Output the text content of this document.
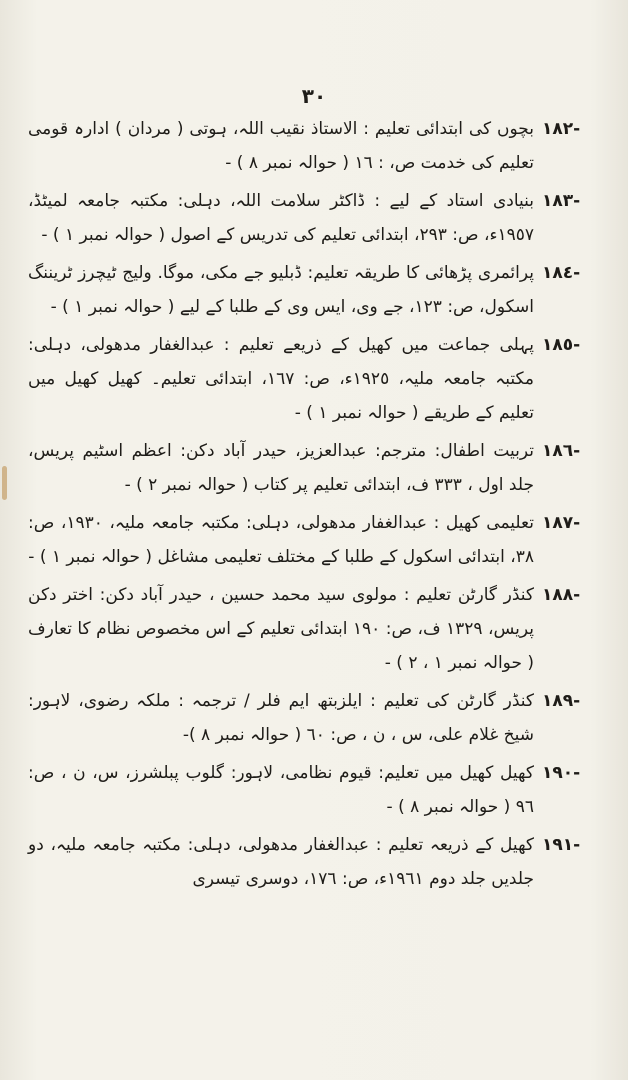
٣٠
١٨٢-
بچوں کی ابتدائی تعلیم : الاستاذ نقیب اللہ، ہوتی ( مردان ) ادارہ قومی تعلیم کی خدمت ص، : ١٦ ( حوالہ نمبر ٨ ) -
١٨٣-
بنیادی استاد کے لیے : ڈاکٹر سلامت اللہ، دہلی: مکتبہ جامعہ لمیٹڈ، ١٩٥٧ء، ص: ٢٩٣، ابتدائی تعلیم کی تدریس کے اصول ( حوالہ نمبر ١ ) -
١٨٤-
پرائمری پڑھائی کا طریقہ تعلیم: ڈبلیو جے مکی، موگا. ولیج ٹیچرز ٹریننگ اسکول، ص: ١٢٣، جے وی، ایس وی کے طلبا کے لیے ( حوالہ نمبر ١ ) -
١٨٥-
پہلی جماعت میں کھیل کے ذریعے تعلیم : عبدالغفار مدھولی، دہلی: مکتبہ جامعہ ملیہ، ١٩٢٥ء، ص: ١٦٧، ابتدائی تعلیم۔ کھیل کھیل میں تعلیم کے طریقے ( حوالہ نمبر ١ ) -
١٨٦-
تربیت اطفال: مترجم: عبدالعزیز، حیدر آباد دکن: اعظم اسٹیم پریس، جلد اول ، ٣٣٣ ف، ابتدائی تعلیم پر کتاب ( حوالہ نمبر ٢ ) -
١٨٧-
تعلیمی کھیل : عبدالغفار مدھولی، دہلی: مکتبہ جامعہ ملیہ، ١٩٣٠، ص: ٣٨، ابتدائی اسکول کے طلبا کے مختلف تعلیمی مشاغل ( حوالہ نمبر ١ ) -
١٨٨-
کنڈر گارٹن تعلیم : مولوی سید محمد حسین ، حیدر آباد دکن: اختر دکن پریس، ١٣٢٩ ف، ص: ١٩٠ ابتدائی تعلیم کے اس مخصوص نظام کا تعارف ( حوالہ نمبر ١ ، ٢ ) -
١٨٩-
کنڈر گارٹن کی تعلیم : ایلزبتھ ایم فلر / ترجمہ : ملکہ رضوی، لاہور: شیخ غلام علی، س ، ن ، ص: ٦٠ ( حوالہ نمبر ٨ )-
١٩٠-
کھیل کھیل میں تعلیم: قیوم نظامی، لاہور: گلوب پبلشرز، س، ن ، ص: ٩٦ ( حوالہ نمبر ٨ ) -
١٩١-
کھیل کے ذریعہ تعلیم : عبدالغفار مدھولی، دہلی: مکتبہ جامعہ ملیہ، دو جلدیں جلد دوم ١٩٦١ء، ص: ١٧٦، دوسری تیسری
